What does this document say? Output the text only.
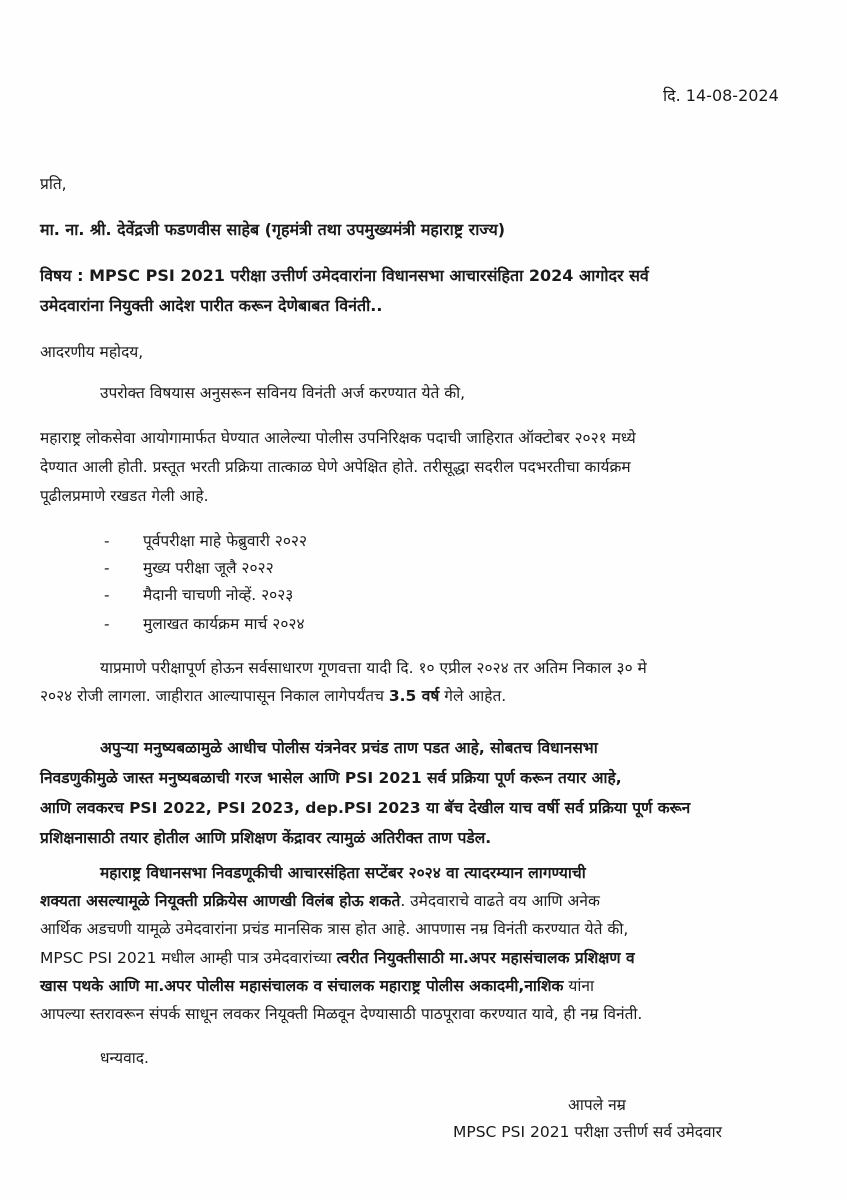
दि. 14-08-2024
प्रति,
मा. ना. श्री. देवेंद्रजी फडणवीस साहेब (गृहमंत्री तथा उपमुख्यमंत्री महाराष्ट्र राज्य)
विषय : MPSC PSI 2021 परीक्षा उत्तीर्ण उमेदवारांना विधानसभा आचारसंहिता 2024 आगोदर सर्व
उमेदवारांना नियुक्ती आदेश पारीत करून देणेबाबत विनंती..
आदरणीय महोदय,
उपरोक्त विषयास अनुसरून सविनय विनंती अर्ज करण्यात येते की,
महाराष्ट्र लोकसेवा आयोगामार्फत घेण्यात आलेल्या पोलीस उपनिरिक्षक पदाची जाहिरात ऑक्टोबर २०२१ मध्ये
देण्यात आली होती. प्रस्तूत भरती प्रक्रिया तात्काळ घेणे अपेक्षित होते. तरीसूद्धा सदरील पदभरतीचा कार्यक्रम
पूढीलप्रमाणे रखडत गेली आहे.
- पूर्वपरीक्षा माहे फेब्रुवारी २०२२
- मुख्य परीक्षा जूलै २०२२
- मैदानी चाचणी नोव्हें. २०२३
- मुलाखत कार्यक्रम मार्च २०२४
याप्रमाणे परीक्षापूर्ण होऊन सर्वसाधारण गूणवत्ता यादी दि. १० एप्रील २०२४ तर अतिम निकाल ३० मे
२०२४ रोजी लागला. जाहीरात आल्यापासून निकाल लागेपर्यंतच 3.5 वर्ष गेले आहेत.
अपुऱ्या मनुष्यबळामुळे आधीच पोलीस यंत्रनेवर प्रचंड ताण पडत आहे, सोबतच विधानसभा
निवडणुकीमुळे जास्त मनुष्यबळाची गरज भासेल आणि PSI 2021 सर्व प्रक्रिया पूर्ण करून तयार आहे,
आणि लवकरच PSI 2022, PSI 2023, dep.PSI 2023 या बॅच देखील याच वर्षी सर्व प्रक्रिया पूर्ण करून
प्रशिक्षनासाठी तयार होतील आणि प्रशिक्षण केंद्रावर त्यामुळं अतिरीक्त ताण पडेल.
महाराष्ट्र विधानसभा निवडणूकीची आचारसंहिता सप्टेंबर २०२४ वा त्यादरम्यान लागण्याची
शक्यता असल्यामूळे नियूक्ती प्रक्रियेस आणखी विलंब होऊ शकते. उमेदवाराचे वाढते वय आणि अनेक
आर्थिक अडचणी यामूळे उमेदवारांना प्रचंड मानसिक त्रास होत आहे. आपणास नम्र विनंती करण्यात येते की,
MPSC PSI 2021 मधील आम्ही पात्र उमेदवारांच्या त्वरीत नियुक्तीसाठी मा.अपर महासंचालक प्रशिक्षण व
खास पथके आणि मा.अपर पोलीस महासंचालक व संचालक महाराष्ट्र पोलीस अकादमी,नाशिक यांना
आपल्या स्तरावरून संपर्क साधून लवकर नियूक्ती मिळवून देण्यासाठी पाठपूरावा करण्यात यावे, ही नम्र विनंती.
धन्यवाद.
आपले नम्र
MPSC PSI 2021 परीक्षा उत्तीर्ण सर्व उमेदवार
